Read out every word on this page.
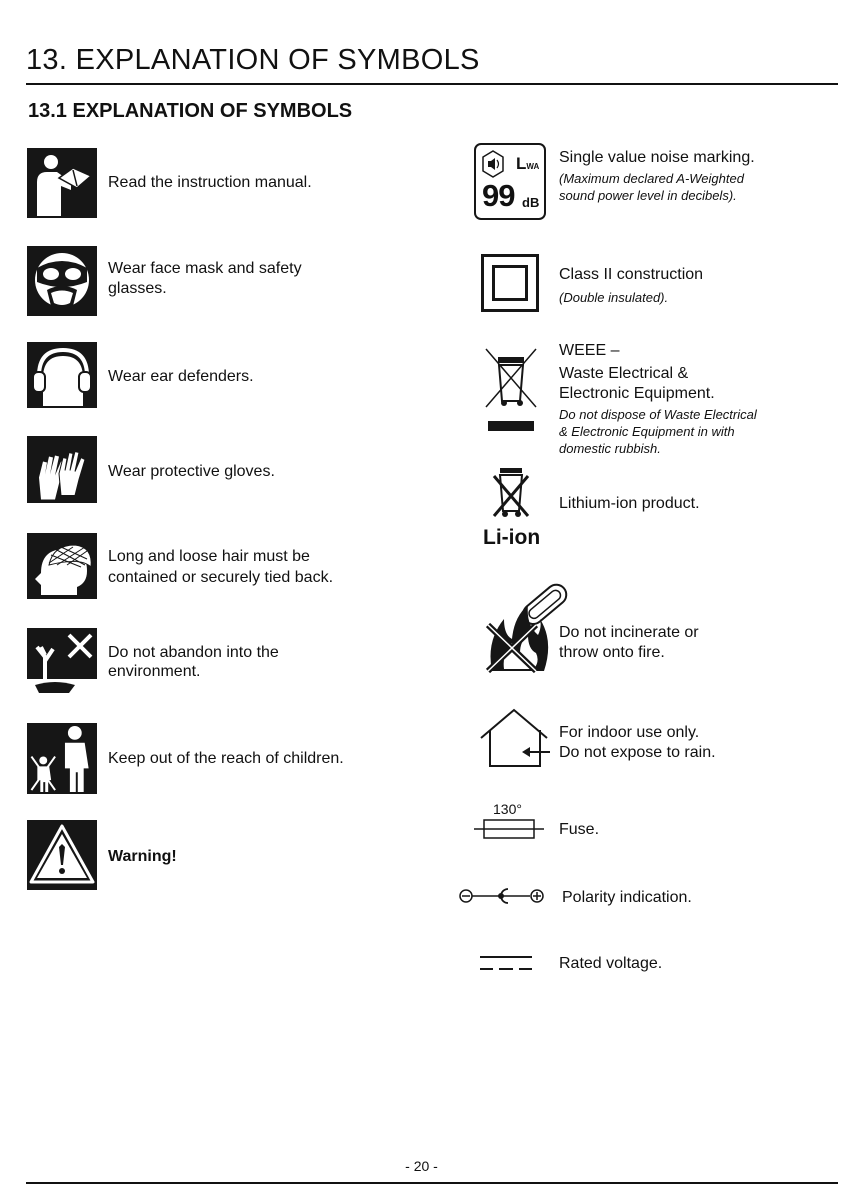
13. EXPLANATION OF SYMBOLS
13.1 EXPLANATION OF SYMBOLS
Read the instruction manual.
Wear face mask and safety
glasses.
Wear ear defenders.
Wear protective gloves.
Long and loose hair must be
contained or securely tied back.
Do not abandon into the
environment.
Keep out of the reach of children.
Warning!
LWA
99 dB
Single value noise marking.
(Maximum declared A-Weighted
sound power level in decibels).
Class II construction
(Double insulated).
WEEE –
Waste Electrical &
Electronic Equipment.
Do not dispose of Waste Electrical
& Electronic Equipment in with
domestic rubbish.
Li-ion
Lithium-ion product.
Do not incinerate or
throw onto fire.
For indoor use only.
Do not expose to rain.
130°
Fuse.
Polarity indication.
Rated voltage.
- 20 -
